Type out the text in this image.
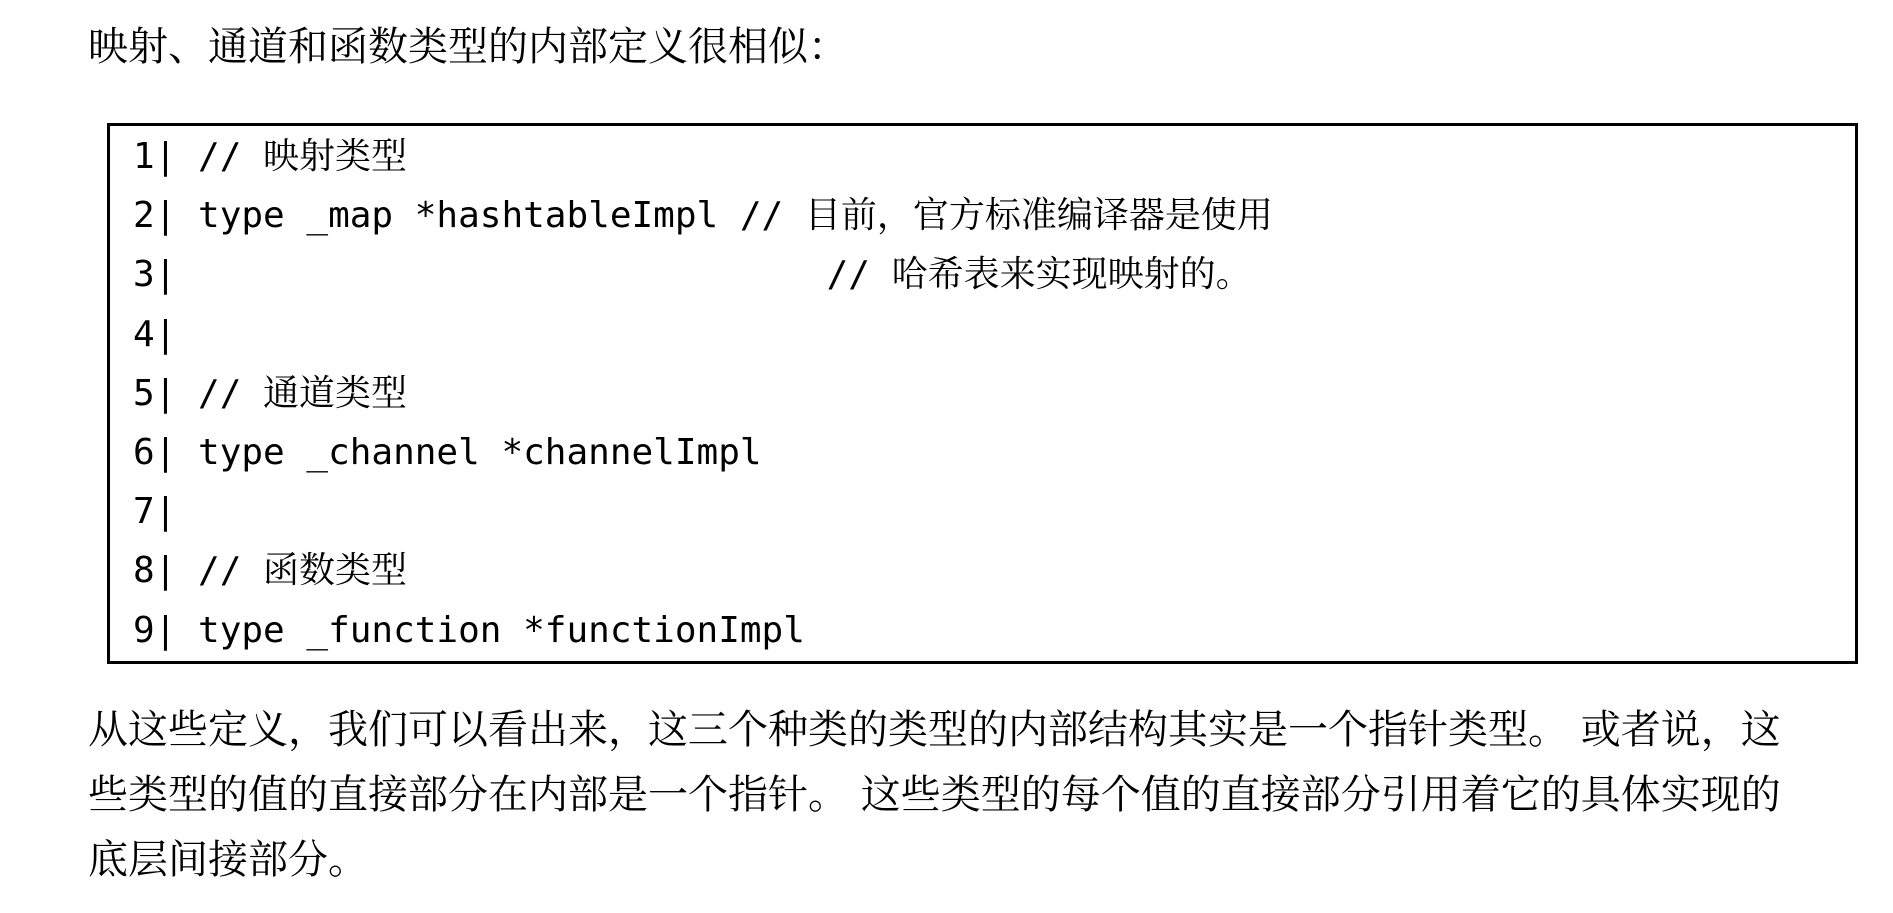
映射、通道和函数类型的内部定义很相似：
1| // 映射类型
2| type _map *hashtableImpl // 目前，官方标准编译器是使用
3|                              // 哈希表来实现映射的。
4|
5| // 通道类型
6| type _channel *channelImpl
7|
8| // 函数类型
9| type _function *functionImpl
从这些定义，我们可以看出来，这三个种类的类型的内部结构其实是一个指针类型。 或者说，这
些类型的值的直接部分在内部是一个指针。 这些类型的每个值的直接部分引用着它的具体实现的
底层间接部分。
